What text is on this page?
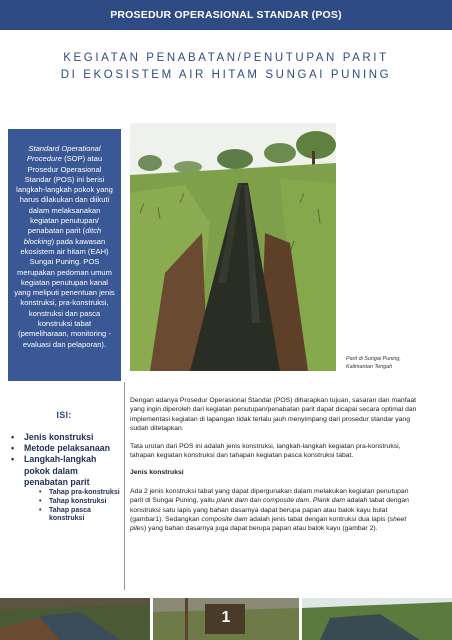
PROSEDUR OPERASIONAL STANDAR (POS)
KEGIATAN PENABATAN/PENUTUPAN PARIT
DI EKOSISTEM AIR HITAM SUNGAI PUNING

Standard Operational Procedure (SOP) atau Prosedur Operasional Standar (POS) ini berisi langkah-langkah pokok yang harus dilakukan dan diikuti dalam melaksanakan kegiatan penutupan/ penabatan parit (ditch blocking) pada kawasan ekosistem air hitam (EAH) Sungai Puning. POS merupakan pedoman umum kegiatan penutupan kanal yang meliputi penentuan jenis konstruksi, pra-konstruksi, konstruksi dan pasca konstruksi tabat (pemeliharaan, monitoring - evaluasi dan pelaporan).

Parit di Sungai Puning,
Kalimantan Tengah
ISI:
• Jenis konstruksi
• Metode pelaksanaan
• Langkah-langkah pokok dalam penabatan parit
• Tahap pra-konstruksi
• Tahap konstruksi
• Tahap pasca konstruksi

Dengan adanya Prosedur Operasional Standar (POS) diharapkan tujuan, sasaran dan manfaat yang ingin diperoleh dari kegiatan penutupan/penabatan parit dapat dicapai secara optimal dan implementasi kegiatan di lapangan tidak terlalu jauh menyimpang dari prosedur standar yang sudah ditetapkan.

Tata urutan dari POS ini adalah jenis konstruksi, langkah-langkah kegiatan pra-konstruksi, tahapan kegiatan konstruksi dan tahapan kegiatan pasca konstruksi tabat.

Jenis konstruksi

Ada 2 jenis konstruksi tabat yang dapat dipergunakan dalam melakukan kegiatan penutupan parit di Sungai Puning, yaitu plank dam dan composite dam. Plank dam adalah tabat dengan konstruksi satu lapis yang bahan dasarnya dapat berupa papan atau balok kayu bulat (gambar1). Sedangkan composite dam adalah jenis tabat dengan kontruksi dua lapis (sheet piles) yang bahan dasarnya juga dapat berupa papan atau balok kayu (gambar 2).

1
